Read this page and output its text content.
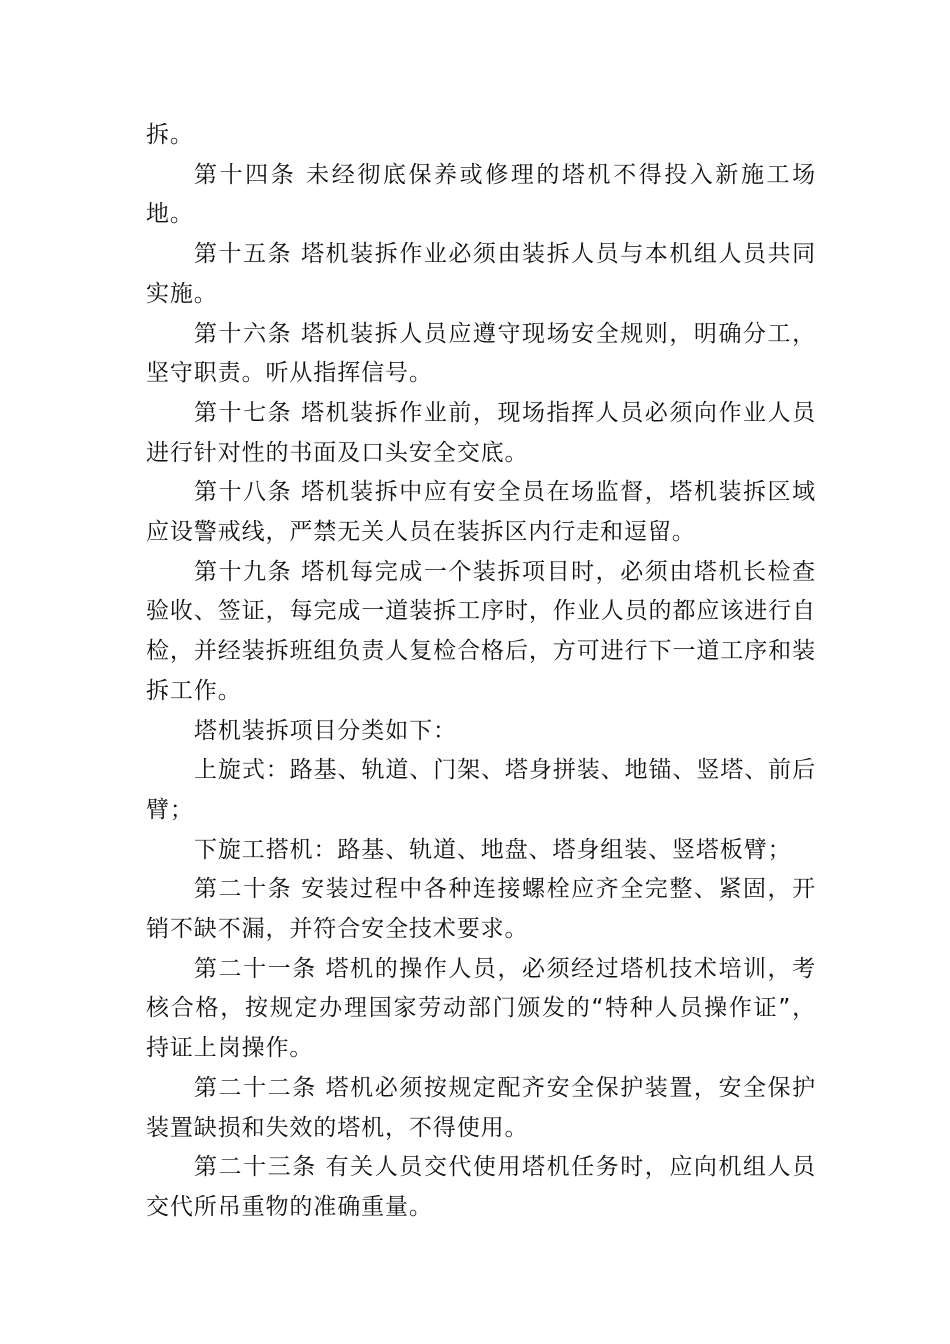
拆。

第十四条 未经彻底保养或修理的塔机不得投入新施工场地。

第十五条 塔机装拆作业必须由装拆人员与本机组人员共同实施。

第十六条 塔机装拆人员应遵守现场安全规则，明确分工，坚守职责。听从指挥信号。

第十七条 塔机装拆作业前，现场指挥人员必须向作业人员进行针对性的书面及口头安全交底。

第十八条 塔机装拆中应有安全员在场监督，塔机装拆区域应设警戒线，严禁无关人员在装拆区内行走和逗留。

第十九条 塔机每完成一个装拆项目时，必须由塔机长检查验收、签证，每完成一道装拆工序时，作业人员的都应该进行自检，并经装拆班组负责人复检合格后，方可进行下一道工序和装拆工作。

塔机装拆项目分类如下：

上旋式：路基、轨道、门架、塔身拼装、地锚、竖塔、前后臂；

下旋工搭机：路基、轨道、地盘、塔身组装、竖塔板臂；

第二十条 安装过程中各种连接螺栓应齐全完整、紧固，开销不缺不漏，并符合安全技术要求。

第二十一条 塔机的操作人员，必须经过塔机技术培训，考核合格，按规定办理国家劳动部门颁发的“特种人员操作证”，持证上岗操作。

第二十二条 塔机必须按规定配齐安全保护装置，安全保护装置缺损和失效的塔机，不得使用。

第二十三条 有关人员交代使用塔机任务时，应向机组人员交代所吊重物的准确重量。
